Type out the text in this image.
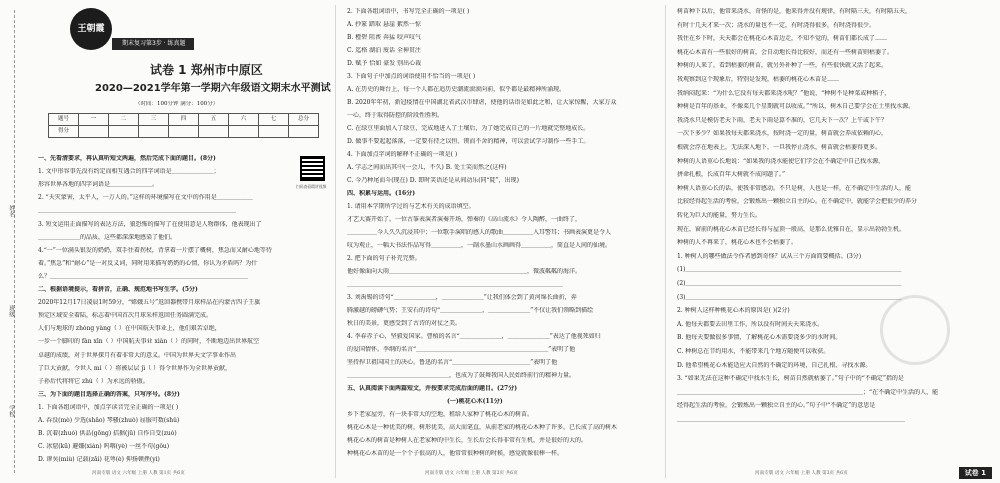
姓名
班级
学校
王朝霞
期末复习第3步 · 练真题
试卷 1 郑州市中原区
2020—2021学年第一学期六年级语文期末水平测试
（时间：100分钟 满分：100分）
题号	一	二	三	四	五	六	七	总分
得分								
扫码查看精讲视频
一、先看清要求，再认真听短文两遍，然后完成下面的题目。(8分)
1. 文中形容事先没有约定而相互遇合的四字词语是＿＿＿＿＿＿＿；
形容世界各地的四字词语是＿＿＿＿＿＿＿。
2. “天灾蒙害，太平人，一万人的。”这样的环境描写在文中的作用是＿＿＿＿＿＿
＿＿＿＿＿＿＿＿＿＿＿＿＿＿＿＿＿＿＿＿＿＿＿＿＿＿＿＿＿＿＿＿＿
3. 短文运用正面描写的表达方法，狼恐怖的描写了在使用意是人物群体，他表现出了
＿＿＿＿＿＿＿的品质，这些都深深地感染了他们。
4.“一”一位满头银发的奶奶，双手往着拐杖，背拿着一片摆了概树，焦急而又耐心地等待
着。”焦急”和“耐心”是一对反义词，同时用来描写奶奶的心情，你认为矛盾吗？为什
么？＿＿＿＿＿＿＿＿＿＿＿＿＿＿＿＿＿＿＿＿＿＿＿＿＿＿＿＿＿＿＿＿＿
二、根据语境提示，看拼音，正确、规范地书写生字。(5分)
2020年12月17日凌晨1时59分，“嫦娥五号”返回器携带月球样品在内蒙古四子王旗
预定区域安全着陆，标志着中国首次月球采样返回任务圆满完成。
人们与地球的 zhòng yàng（ ）在中国航天事业上，他们艰苦卓绝，
一步一个脚印的 fàn xīn（ ）中国航天事业 xiàn（ ）的同时，不断地迈出世界航空
卓越的成绩，对于世界探月有着非常大的意义。中国为世界天文学事业作出
了巨大贡献，令世人 mí（ ）将被层层 jì（ ）得令世界作为全世界贡献，
子孙后代将将它 zhù（ ）为永远的骄傲。
三、为下面的题目选择正确的答案，只写序号。(8分)
1. 下面各组词语中，加点字读音完全正确的一项是( )
A. 吞没(mò) 少选(shǎo) 琴骚(zhuò) 屈服可数(shǔ)
B. 沉着(zhuó) 供品(gōng) 拮据(jū) 自作自受(zuò)
C. 冰窟(kū) 避嫌(xián) 呜咽(yè) 一丝不苟(gǒu)
D. 谬矣(miù) 记载(zǎi) 花萼(è) 抑扬顿挫(yì)
河南专版 语文 六年级 上册 人教 第1页 共6页
2. 下面各组词语中，书写完全正确的一项是( )
A. 抄篆 踏取 悬崖 絮然一惊
B. 橙碧 阻喪 奔猛 咬声叹气
C. 迄格 湖泊 废话 全神贯注
D. 赋予 恰如 豪发 别出心裁
3. 下面句子中加点的词语使用不恰当的一项是( )
A. 在历史的舞台上，每一个人都在追历史潮流滚滚向前，似乎都是最精神所涌现。
B. 2020年年初，新冠疫情在中国湖北省武汉市肆虐，使他的话语是如此之和，让大家惊醒，大家万众
一心，终于取得防控的阶段性胜利。
C. 在绿豆里面加入了绿豆，完成地进入了土壤后，为了她完成自己的一片地就完整地成长。
D. 做事不要起起落落，一定要有持之以恒、锲而不舍的精神，可以尝试学习制作一些手工。
4. 下面加点字词的解释不正确的一项是( )
A. 学志之间而出其中(一会儿，不久) B. 处士笑而然之(这样)
C. 今乃种尾而斗(现在) D. 即时笑语还是从间动乐(同“陡”，出现)
四、积累与运用。(16分)
1. 请用本学期所学过的与艺术有关的成语填空。
才艺大赛开始了。一位古筝表演者演奏开场，弹奏的《高山流水》令人陶醉，一曲终了，
＿＿＿＿＿今人久久沉浸其中；一位歌手演唱的感人的歌曲＿＿＿＿＿入耳警耳；书画表演更是令人
叹为观止，一幅大书法作品写得＿＿＿＿＿，一副水墨山水画画得＿＿＿＿＿，简直是人间的仙境。
2. 把下面的句子补充完整。
他好像面向大雨＿＿＿＿＿＿＿＿＿＿＿＿＿＿＿＿＿＿＿＿＿＿＿，微波粼粼的海洋。
＿＿＿＿＿＿＿＿＿＿＿＿＿＿＿＿＿＿＿＿＿＿＿＿＿＿＿＿＿＿＿＿＿＿＿＿
3. 刘禹锡的诗句“＿＿＿＿＿＿＿，＿＿＿＿＿＿＿”让我们体会到了黄河绵长曲折，奔
腾激越的磅礴气势；王安石的诗句“＿＿＿＿＿＿＿，＿＿＿＿＿＿＿”不仅让我们领略到描绘
秋日的美景，更感受到了古诗的对仗之美。
4. 李春赤子心，坚毅爱国家。曹植的名言“＿＿＿＿＿＿＿，＿＿＿＿＿＿＿”表达了他视死如归
的爱国情怀。李纲的名言“＿＿＿＿＿＿＿＿＿＿＿＿＿＿＿＿＿＿＿＿＿＿”表明了他
坚持捍卫祖国国土的决心。鲁迅的名言“＿＿＿＿＿＿＿＿＿＿＿＿＿”表明了他
＿＿＿＿＿＿＿＿＿＿＿＿＿＿＿＿＿，也成为了鼓舞我国人民始终前行的精神力量。
五、认真阅读下面两篇短文，并按要求完成后面的题目。(27分)
(一)桃花心木(11分)
乡下老家屋旁，有一块非常大的空地，租给人家种了桃花心木的树苗。
桃花心木是一种优美的树，树形优美，高大而笔直，从前老家的桃花心木种了许多，已长成了高的树木
桃花心木的树苗是种树人在老家种的中生长，生长后会长得非常有生机，并是很好的大的。
种桃花心木苗的是一个个子很高的人，他常常很种树的时候，感觉就像很棒一样。
河南专版 语文 六年级 上册 人教 第2页 共6页
树苗种下以后，他常来浇水，奇怪的是，他来得并没有规律，有时隔三天，有时隔五天，
有时十几天才来一次；浇水的量也不一定，有时浇得很多，有时浇得很少。
我住在乡下时，天天都会在桃花心木苗边走，不知不觉的，树苗们都长成了……
桃花心木苗有一些很好的树苗，会自动地长得比较好，而还有一些树苗则枯萎了。
种树的人来了，看到枯萎的树苗，就另外补种了一些，有些很快就又活了起来。
我观察到这个现象后，特别是发现，枯萎的桃花心木苗是……
我纳闷起来：“为什么它没有每天都来浇水呢？”他说，“种树不是种菜或种稻子，
种树是百年的基业，不像菜几个星期就可以收成。”“所以，树木自己要学会在土里找水源。
我浇水只是模仿老天下雨，老天下雨是算不准的，它几天下一次？上午或下午？
一次下多少？如果我每天都来浇水，按时浇一定的量，树苗就会养成依赖的心，
根就会浮在地表上，无法深入地下，一旦我停止浇水，树苗就会枯萎得更多。
种树的人语重心长地说：“如果我的浇水能使它们学会在不确定中自己找水源，
拼命扎根，长成百年大树就不成问题了。”
种树人语重心长的话，使我非常感动。不只是树，人也是一样，在不确定中生活的人，能
比较经得起生活的考验，会锻炼出一颗独立自主的心。在不确定中，就能学会把很少的养分
转化为巨大的能量，努力生长。
现在，窗前的桃花心木苗已经长得与屋顶一般高，是那么优雅自在，显示出勃勃生机。
种树的人不再来了，桃花心木也不会枯萎了。
1. 种树人的哪些做法令作者感到奇怪？试从三个方面简要概括。(3分)
(1)＿＿＿＿＿＿＿＿＿＿＿＿＿＿＿＿＿＿＿＿＿＿＿＿＿＿＿＿＿＿＿＿＿＿＿＿
(2)＿＿＿＿＿＿＿＿＿＿＿＿＿＿＿＿＿＿＿＿＿＿＿＿＿＿＿＿＿＿＿＿＿＿＿＿
(3)＿＿＿＿＿＿＿＿＿＿＿＿＿＿＿＿＿＿＿＿＿＿＿＿＿＿＿＿＿＿＿＿＿＿＿＿
2. 种树人这样种桃花心木的原因是( )(2分)
A. 他每天都要去田里工作，所以没有时间天天来浇水。
B. 他每天要做很多事情，了解桃花心木需要浇多少的水时间。
C. 种树总在节约用水，不能带来几个地方随便可以收获。
D. 他希望桃花心木能适应大自然的不确定的环境，自己扎根、寻找水源。
3. “如果无法在这种不确定中找水生长，树苗自然就枯萎了。”句子中的“不确定”指的是
＿＿＿＿＿＿＿＿＿＿＿＿＿＿＿＿＿＿＿＿＿＿＿＿＿＿＿＿＿＿＿；“在不确定中生活的人，能
经得起生活的考验，会锻炼出一颗独立自主的心。”句子中“不确定”的意思是
＿＿＿＿＿＿＿＿＿＿＿＿＿＿＿＿＿＿＿＿＿＿＿＿＿＿＿＿＿＿＿＿＿＿＿＿＿＿
河南专版 语文 六年级 上册 人教 第3页 共6页	试卷 1
